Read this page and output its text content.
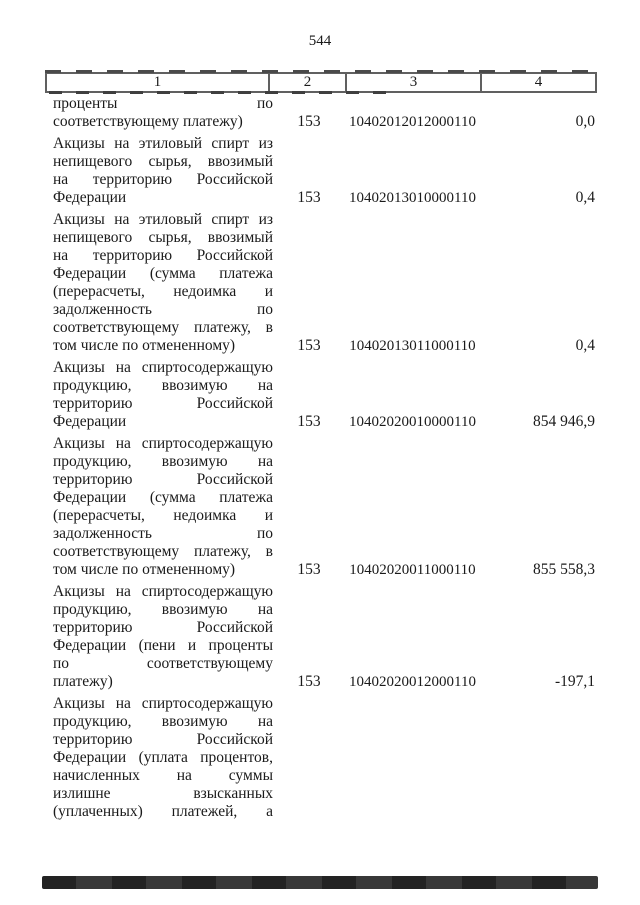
544
1	2	3	4
проценты по
соответствующему платежу)	153	10402012012000110	0,0
Акцизы на этиловый спирт из
непищевого сырья, ввозимый
на территорию Российской
Федерации	153	10402013010000110	0,4
Акцизы на этиловый спирт из
непищевого сырья, ввозимый
на территорию Российской
Федерации (сумма платежа
(перерасчеты, недоимка и
задолженность по
соответствующему платежу, в
том числе по отмененному)	153	10402013011000110	0,4
Акцизы на спиртосодержащую
продукцию, ввозимую на
территорию Российской
Федерации	153	10402020010000110	854 946,9
Акцизы на спиртосодержащую
продукцию, ввозимую на
территорию Российской
Федерации (сумма платежа
(перерасчеты, недоимка и
задолженность по
соответствующему платежу, в
том числе по отмененному)	153	10402020011000110	855 558,3
Акцизы на спиртосодержащую
продукцию, ввозимую на
территорию Российской
Федерации (пени и проценты
по соответствующему
платежу)	153	10402020012000110	-197,1
Акцизы на спиртосодержащую
продукцию, ввозимую на
территорию Российской
Федерации (уплата процентов,
начисленных на суммы
излишне взысканных
(уплаченных) платежей, а
